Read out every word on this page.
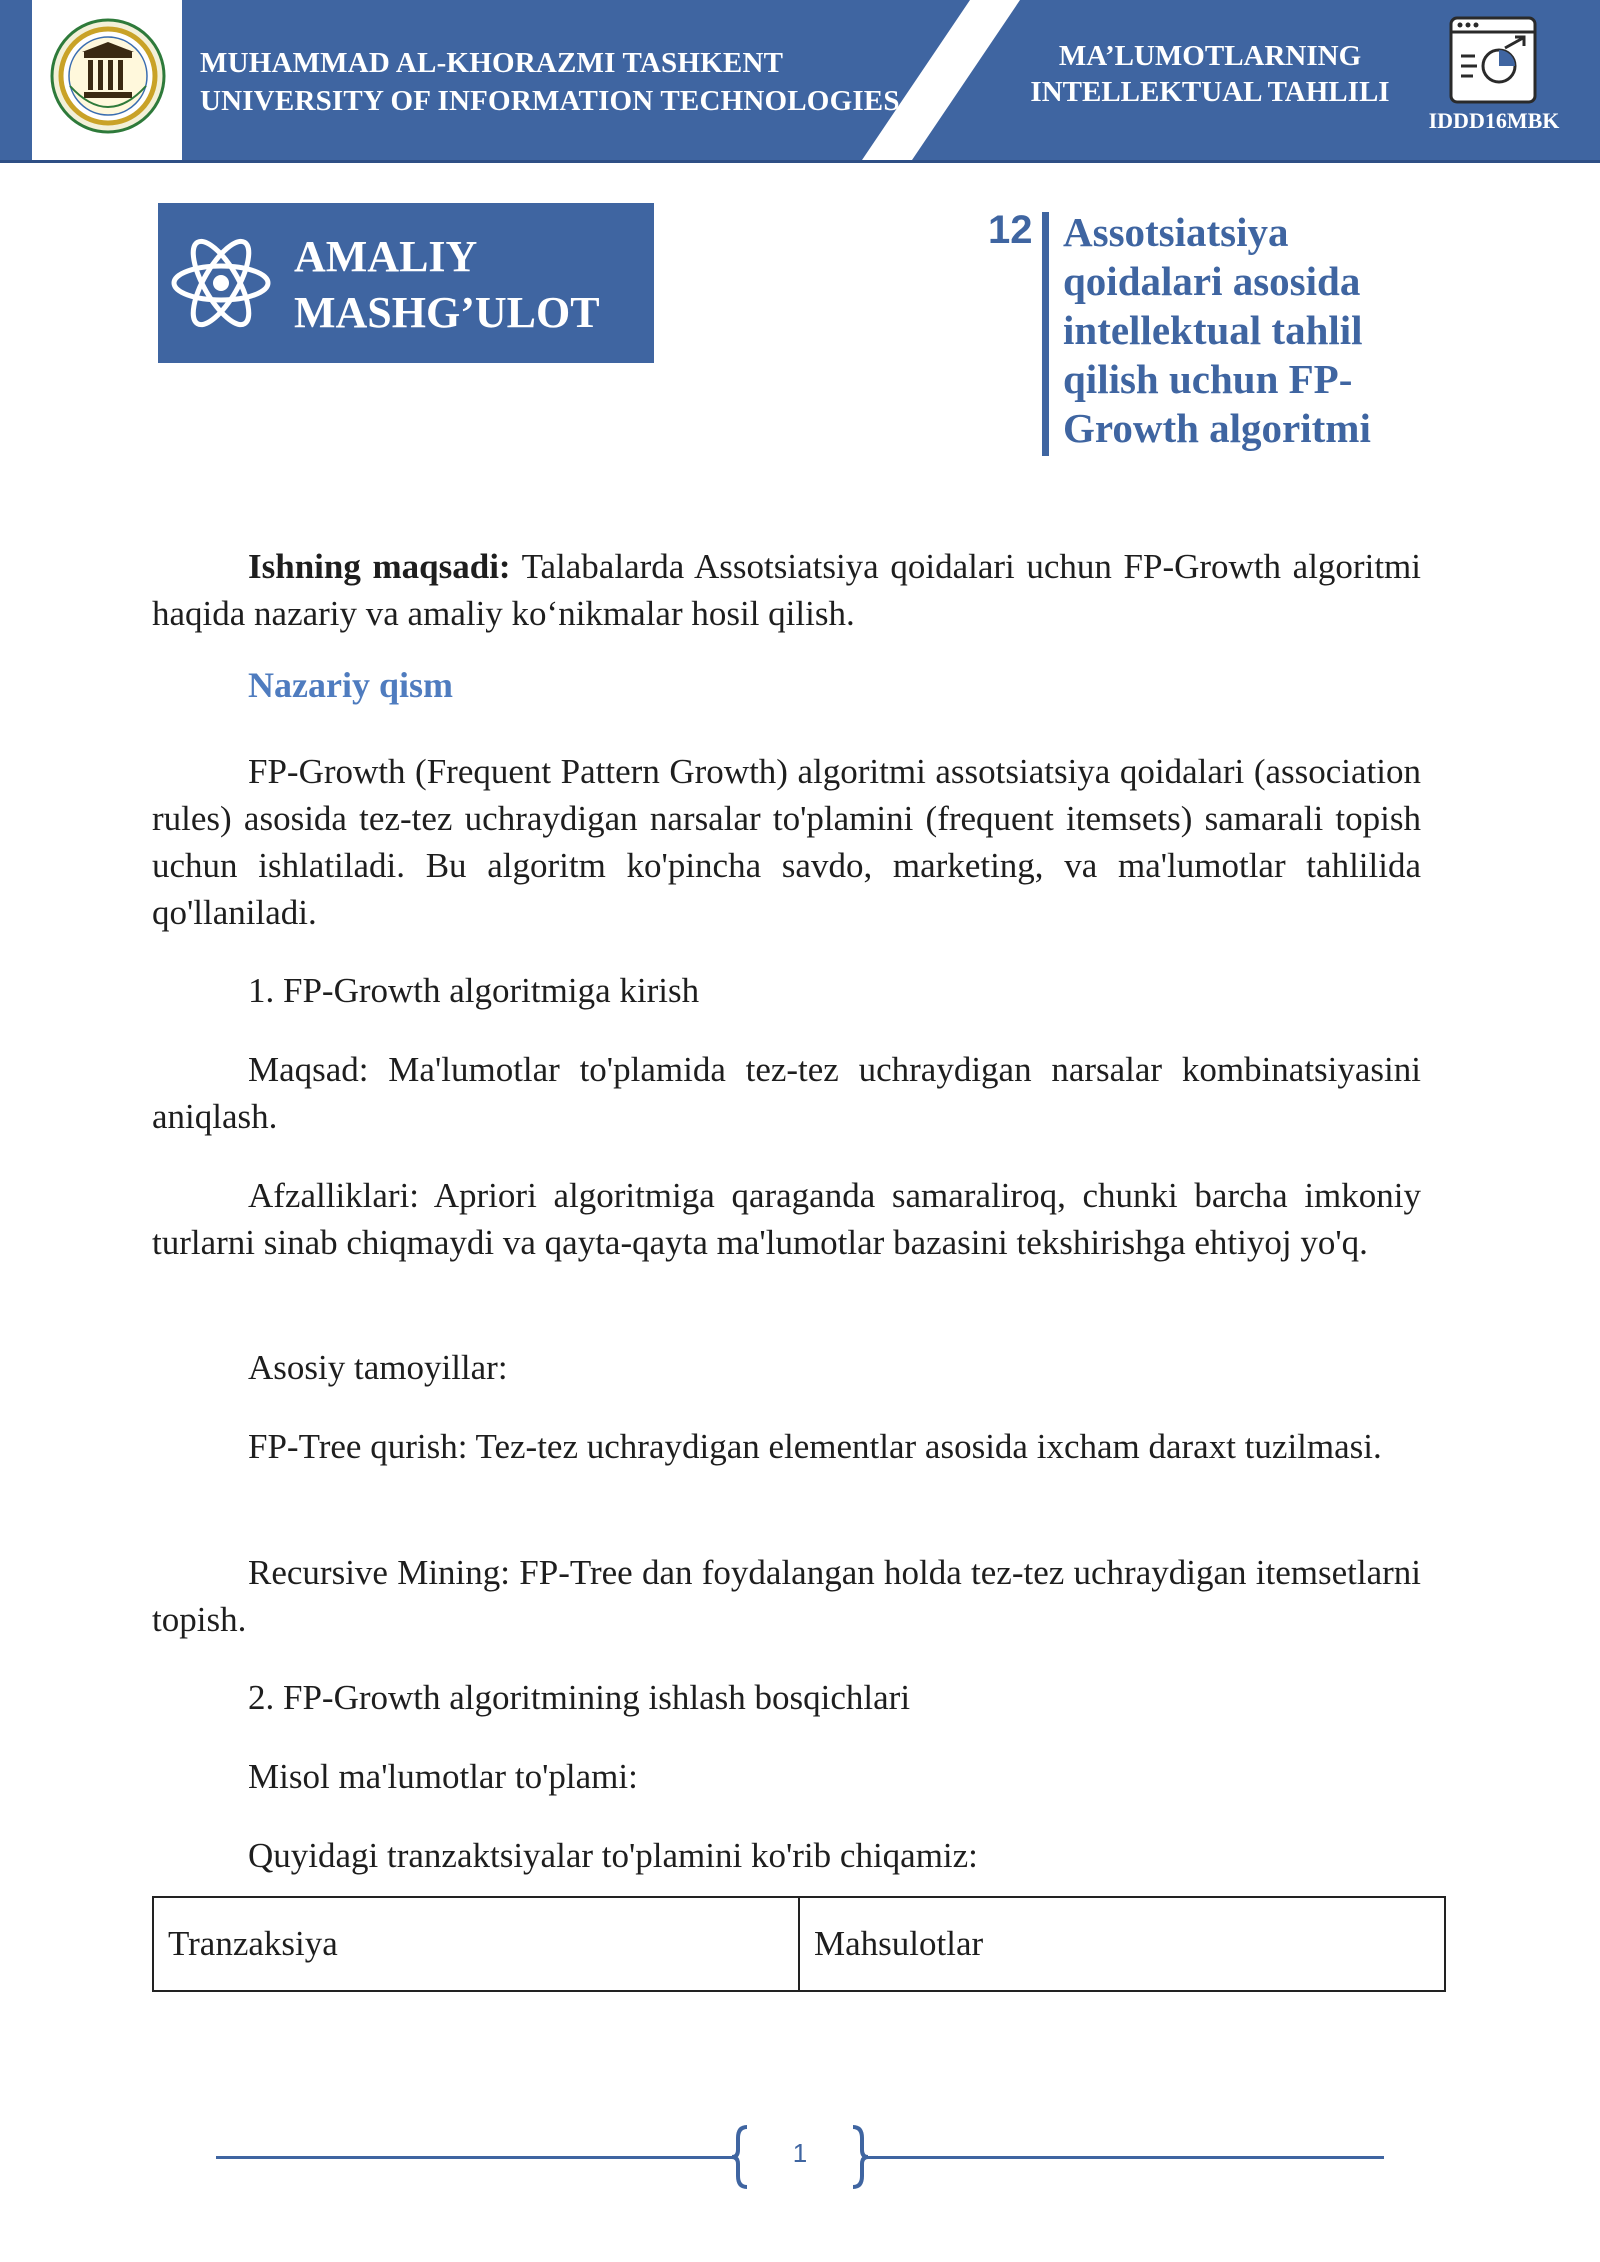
MUHAMMAD AL-KHORAZMI TASHKENT
UNIVERSITY OF INFORMATION TECHNOLOGIES
MA’LUMOTLARNING
INTELLEKTUAL TAHLILI
IDDD16MBK
AMALIY
MASHG’ULOT
12 Assotsiatsiya
qoidalari asosida
intellektual tahlil
qilish uchun FP-
Growth algoritmi
Ishning maqsadi: Talabalarda Assotsiatsiya qoidalari uchun FP-Growth algoritmi haqida nazariy va amaliy ko‘nikmalar hosil qilish.
Nazariy qism
FP-Growth (Frequent Pattern Growth) algoritmi assotsiatsiya qoidalari (association rules) asosida tez-tez uchraydigan narsalar to'plamini (frequent itemsets) samarali topish uchun ishlatiladi. Bu algoritm ko'pincha savdo, marketing, va ma'lumotlar tahlilida qo'llaniladi.
1. FP-Growth algoritmiga kirish
Maqsad: Ma'lumotlar to'plamida tez-tez uchraydigan narsalar kombinatsiyasini aniqlash.
Afzalliklari: Apriori algoritmiga qaraganda samaraliroq, chunki barcha imkoniy turlarni sinab chiqmaydi va qayta-qayta ma'lumotlar bazasini tekshirishga ehtiyoj yo'q.
Asosiy tamoyillar:
FP-Tree qurish: Tez-tez uchraydigan elementlar asosida ixcham daraxt tuzilmasi.
Recursive Mining: FP-Tree dan foydalangan holda tez-tez uchraydigan itemsetlarni topish.
2. FP-Growth algoritmining ishlash bosqichlari
Misol ma'lumotlar to'plami:
Quyidagi tranzaktsiyalar to'plamini ko'rib chiqamiz:
Tranzaksiya	Mahsulotlar
1
